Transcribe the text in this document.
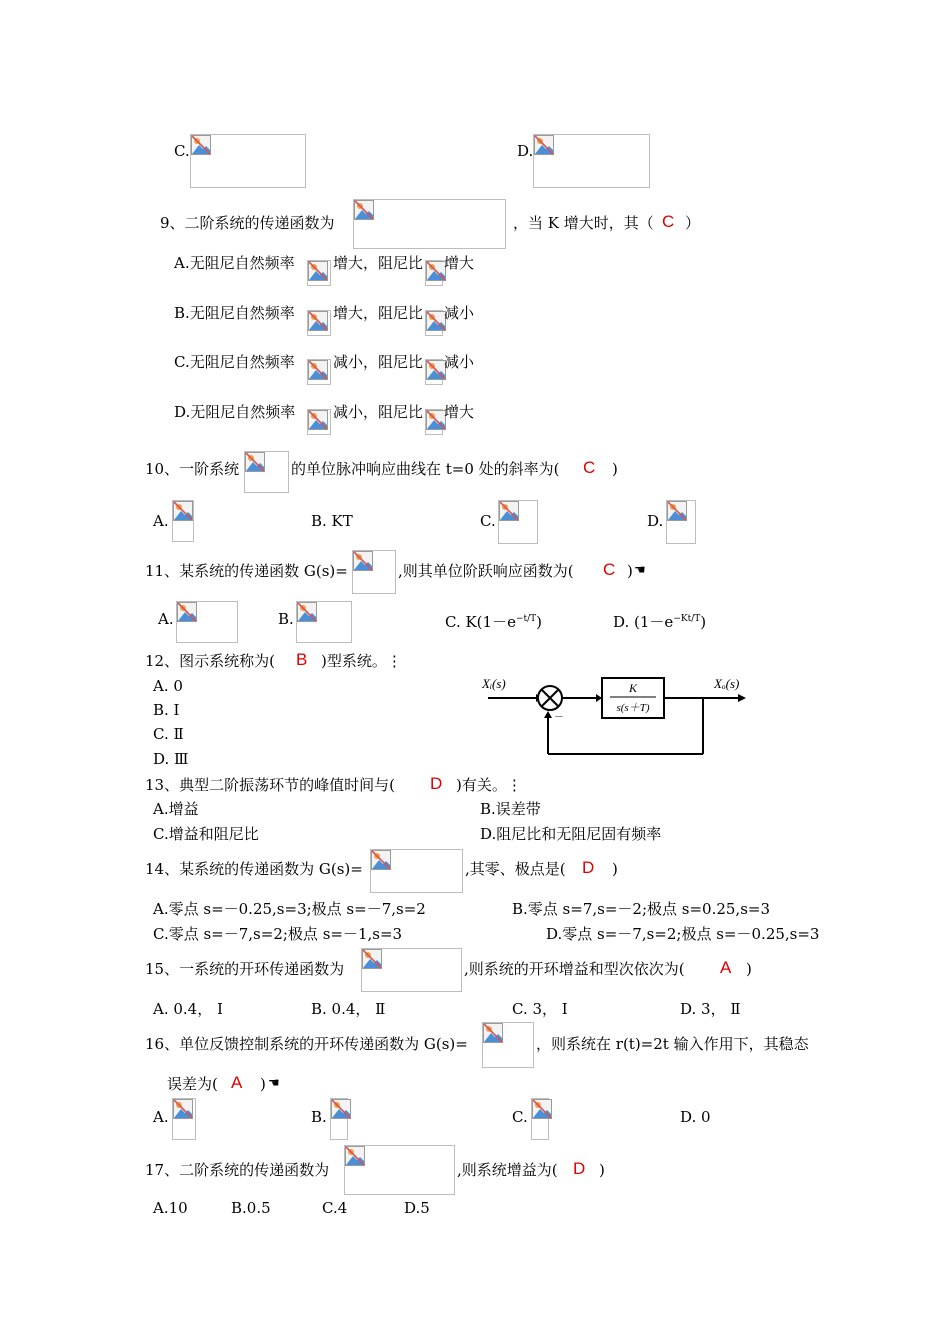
C.	D.
9、二阶系统的传递函数为	，当 K 增大时，其（ C ）
A.无阻尼自然频率	增大，阻尼比 增大
B.无阻尼自然频率	增大，阻尼比 减小
C.无阻尼自然频率	减小，阻尼比 减小
D.无阻尼自然频率	减小，阻尼比 增大
10、一阶系统	的单位脉冲响应曲线在 t=0 处的斜率为( C )
A.	B. KT	C.	D.
11、某系统的传递函数 G(s)=	,则其单位阶跃响应函数为( C ) ☚
A.	B.	C. $K(1-e^{-t/T})$	D. $(1-e^{-Kt/T})$
12、图示系统称为( B )型系统。⋮
A. 0
B. Ⅰ
C. Ⅱ
D. Ⅲ
Xᵢ(s)	Xₒ(s)
K
s(s＋T)
－
13、典型二阶振荡环节的峰值时间与( D )有关。⋮
A.增益	B.误差带
C.增益和阻尼比	D.阻尼比和无阻尼固有频率
14、某系统的传递函数为 G(s)=	,其零、极点是( D )
A.零点 s=－0.25,s=3;极点 s=－7,s=2	B.零点 s=7,s=－2;极点 s=0.25,s=3
C.零点 s=－7,s=2;极点 s=－1,s=3	D.零点 s=－7,s=2;极点 s=－0.25,s=3
15、一系统的开环传递函数为	,则系统的开环增益和型次依次为( A )
A. 0.4， Ⅰ	B. 0.4， Ⅱ	C. 3， Ⅰ	D. 3， Ⅱ
16、单位反馈控制系统的开环传递函数为 G(s)=	，则系统在 r(t)=2t 输入作用下，其稳态
误差为( A ) ☚
A.	B.	C.	D. 0
17、二阶系统的传递函数为	,则系统增益为( D )
A.10	B.0.5	C.4	D.5
